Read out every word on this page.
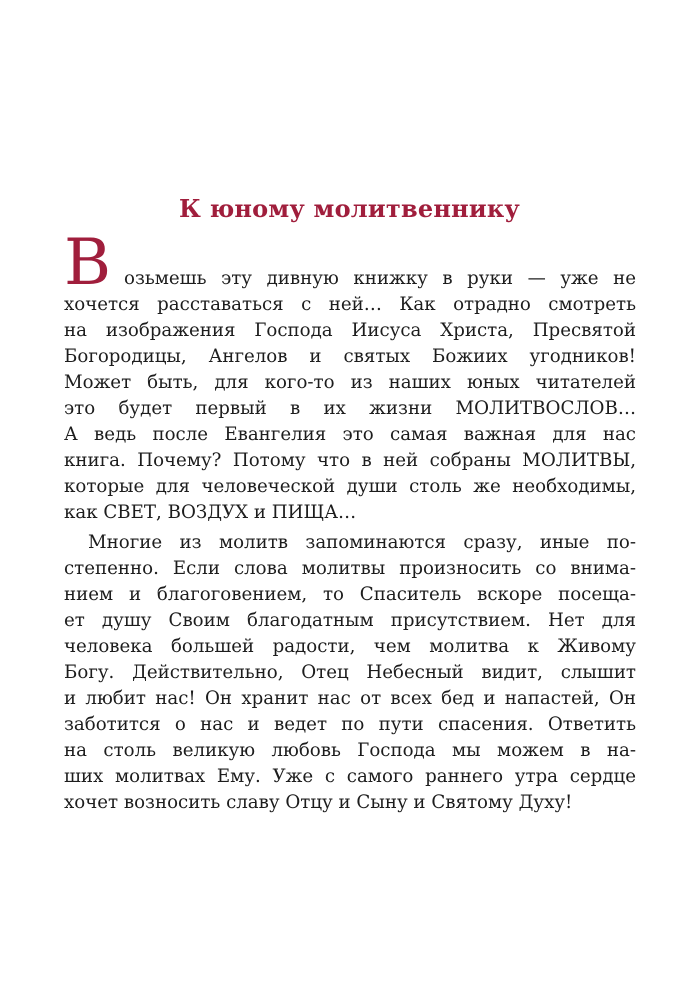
К юному молитвеннику
В озьмешь эту дивную книжку в руки — уже не
хочется расставаться с ней… Как отрадно смотреть
на изображения Господа Иисуса Христа, Пресвятой
Богородицы, Ангелов и святых Божиих угодников!
Может быть, для кого-то из наших юных читателей
это будет первый в их жизни МОЛИТВОСЛОВ…
А ведь после Евангелия это самая важная для нас
книга. Почему? Потому что в ней собраны МОЛИТВЫ,
которые для человеческой души столь же необходимы,
как СВЕТ, ВОЗДУХ и ПИЩА…
Многие из молитв запоминаются сразу, иные по-
степенно. Если слова молитвы произносить со внима-
нием и благоговением, то Спаситель вскоре посеща-
ет душу Своим благодатным присутствием. Нет для
человека большей радости, чем молитва к Живому
Богу. Действительно, Отец Небесный видит, слышит
и любит нас! Он хранит нас от всех бед и напастей, Он
заботится о нас и ведет по пути спасения. Ответить
на столь великую любовь Господа мы можем в на-
ших молитвах Ему. Уже с самого раннего утра сердце
хочет возносить славу Отцу и Сыну и Святому Духу!
